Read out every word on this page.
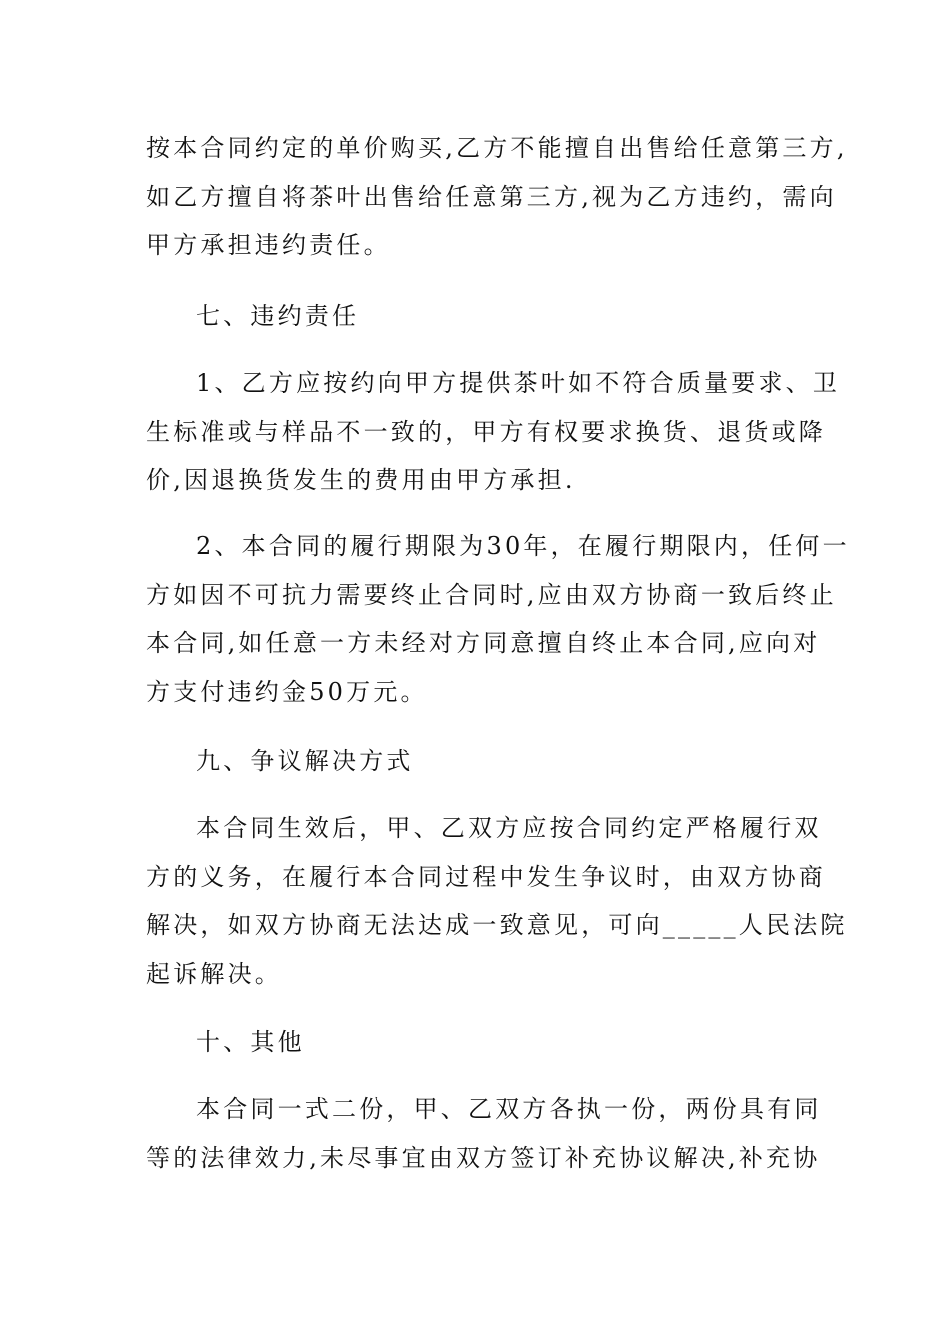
按本合同约定的单价购买,乙方不能擅自出售给任意第三方,
如乙方擅自将茶叶出售给任意第三方,视为乙方违约，需向
甲方承担违约责任。
七、违约责任
1、乙方应按约向甲方提供茶叶如不符合质量要求、卫
生标准或与样品不一致的，甲方有权要求换货、退货或降
价,因退换货发生的费用由甲方承担.
2、本合同的履行期限为30年，在履行期限内，任何一
方如因不可抗力需要终止合同时,应由双方协商一致后终止
本合同,如任意一方未经对方同意擅自终止本合同,应向对
方支付违约金50万元。
九、争议解决方式
本合同生效后，甲、乙双方应按合同约定严格履行双
方的义务，在履行本合同过程中发生争议时，由双方协商
解决，如双方协商无法达成一致意见，可向_____人民法院
起诉解决。
十、其他
本合同一式二份，甲、乙双方各执一份，两份具有同
等的法律效力,未尽事宜由双方签订补充协议解决,补充协
